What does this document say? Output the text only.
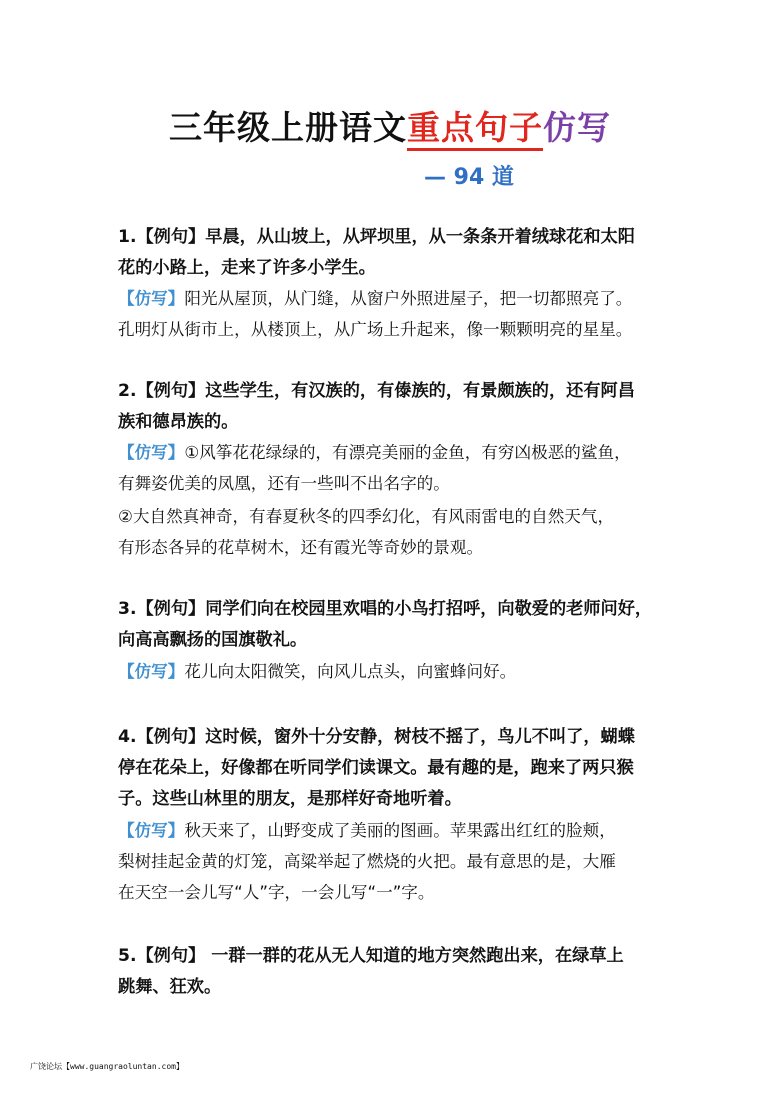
三年级上册语文重点句子仿写
— 94 道
1.【例句】早晨，从山坡上，从坪坝里，从一条条开着绒球花和太阳
花的小路上，走来了许多小学生。
【仿写】阳光从屋顶，从门缝，从窗户外照进屋子，把一切都照亮了。
孔明灯从街市上，从楼顶上，从广场上升起来，像一颗颗明亮的星星。
2.【例句】这些学生，有汉族的，有傣族的，有景颇族的，还有阿昌
族和德昂族的。
【仿写】①风筝花花绿绿的，有漂亮美丽的金鱼，有穷凶极恶的鲨鱼，
有舞姿优美的凤凰，还有一些叫不出名字的。
②大自然真神奇，有春夏秋冬的四季幻化，有风雨雷电的自然天气，
有形态各异的花草树木，还有霞光等奇妙的景观。
3.【例句】同学们向在校园里欢唱的小鸟打招呼，向敬爱的老师问好，
向高高飘扬的国旗敬礼。
【仿写】花儿向太阳微笑，向风儿点头，向蜜蜂问好。
4.【例句】这时候，窗外十分安静，树枝不摇了，鸟儿不叫了，蝴蝶
停在花朵上，好像都在听同学们读课文。最有趣的是，跑来了两只猴
子。这些山林里的朋友，是那样好奇地听着。
【仿写】秋天来了，山野变成了美丽的图画。苹果露出红红的脸颊，
梨树挂起金黄的灯笼，高粱举起了燃烧的火把。最有意思的是，大雁
在天空一会儿写“人”字，一会儿写“一”字。
5.【例句】 一群一群的花从无人知道的地方突然跑出来，在绿草上
跳舞、狂欢。
广饶论坛【www.guangraoluntan.com】
